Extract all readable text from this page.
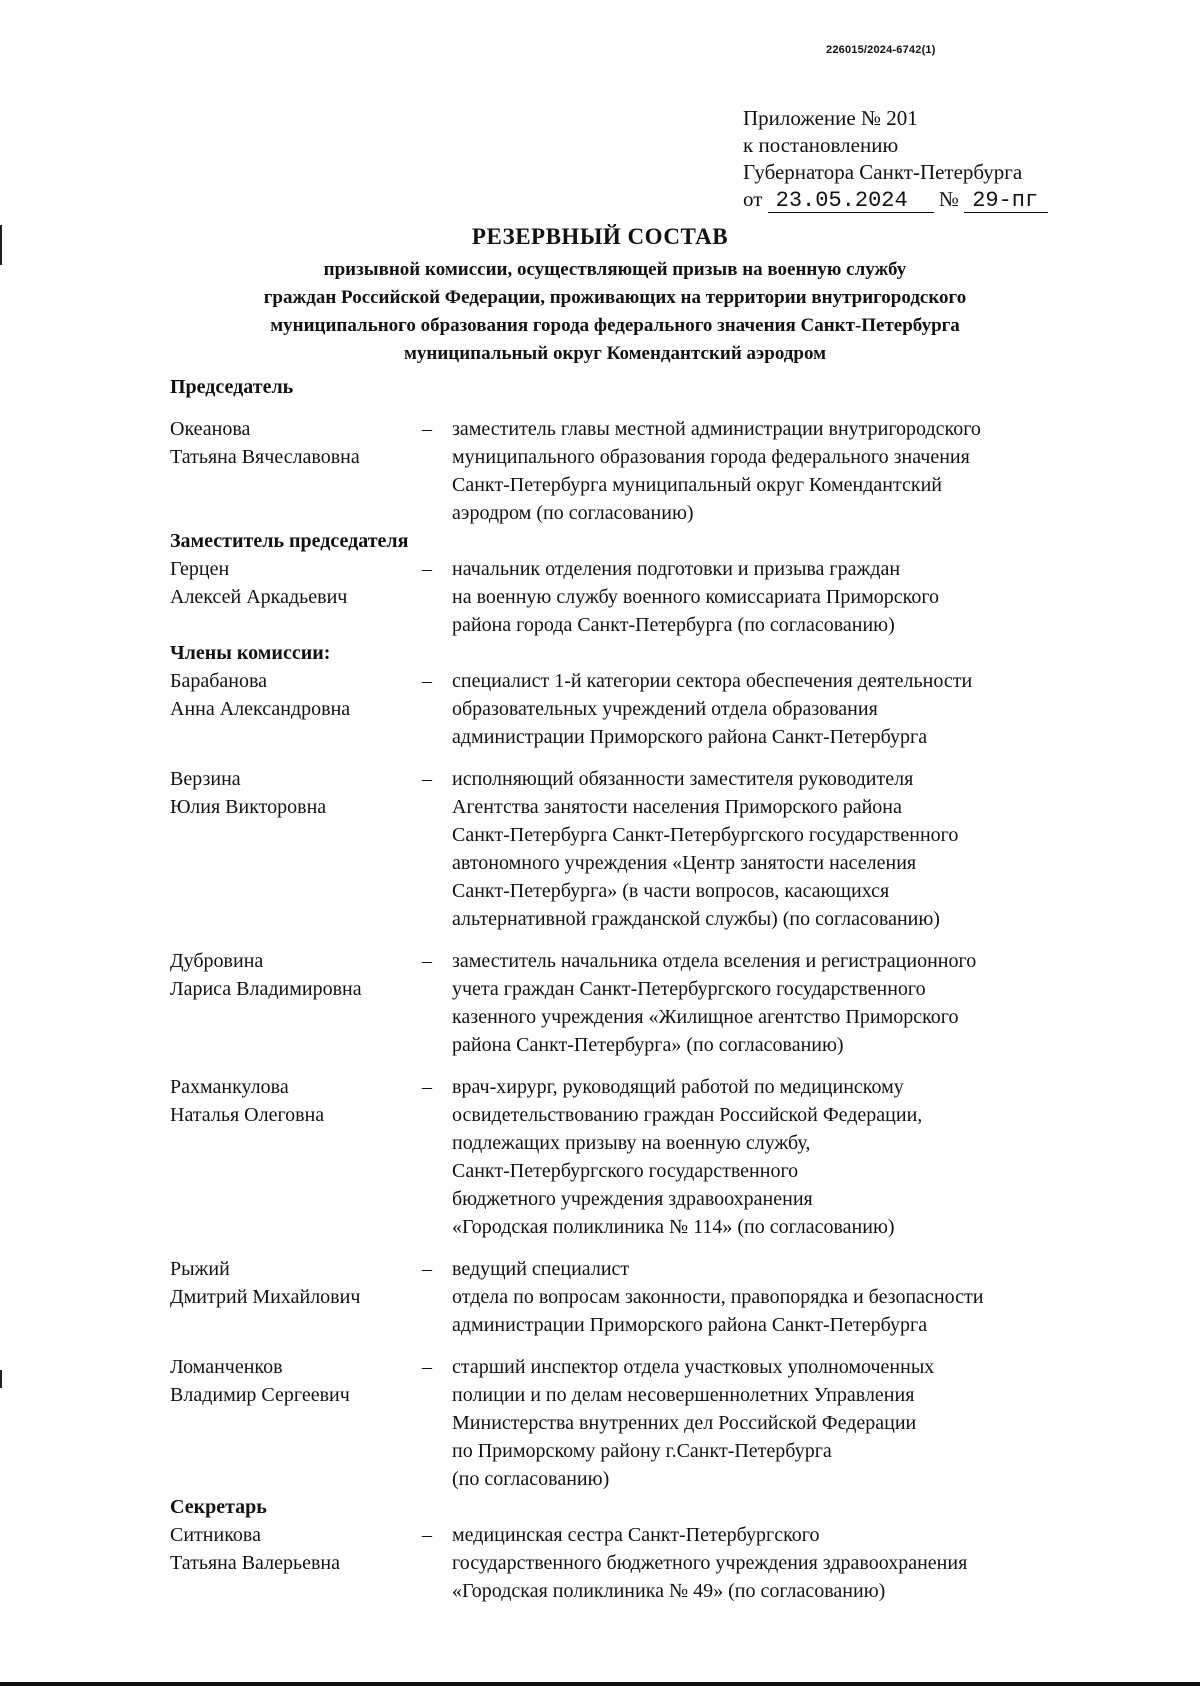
226015/2024-6742(1)
Приложение № 201
к постановлению
Губернатора Санкт-Петербурга
от 23.05.2024 № 29-пг
РЕЗЕРВНЫЙ СОСТАВ
призывной комиссии, осуществляющей призыв на военную службу
граждан Российской Федерации, проживающих на территории внутригородского
муниципального образования города федерального значения Санкт-Петербурга
муниципальный округ Комендантский аэродром
Председатель
Океанова
Татьяна Вячеславовна
–	заместитель главы местной администрации внутригородского
муниципального образования города федерального значения
Санкт-Петербурга муниципальный округ Комендантский
аэродром (по согласованию)
Заместитель председателя
Герцен
Алексей Аркадьевич
–	начальник отделения подготовки и призыва граждан
на военную службу военного комиссариата Приморского
района города Санкт-Петербурга (по согласованию)
Члены комиссии:
Барабанова
Анна Александровна
–	специалист 1-й категории сектора обеспечения деятельности
образовательных учреждений отдела образования
администрации Приморского района Санкт-Петербурга
Верзина
Юлия Викторовна
–	исполняющий обязанности заместителя руководителя
Агентства занятости населения Приморского района
Санкт-Петербурга Санкт-Петербургского государственного
автономного учреждения «Центр занятости населения
Санкт-Петербурга» (в части вопросов, касающихся
альтернативной гражданской службы) (по согласованию)
Дубровина
Лариса Владимировна
–	заместитель начальника отдела вселения и регистрационного
учета граждан Санкт-Петербургского государственного
казенного учреждения «Жилищное агентство Приморского
района Санкт-Петербурга» (по согласованию)
Рахманкулова
Наталья Олеговна
–	врач-хирург, руководящий работой по медицинскому
освидетельствованию граждан Российской Федерации,
подлежащих призыву на военную службу,
Санкт-Петербургского государственного
бюджетного учреждения здравоохранения
«Городская поликлиника № 114» (по согласованию)
Рыжий
Дмитрий Михайлович
–	ведущий специалист
отдела по вопросам законности, правопорядка и безопасности
администрации Приморского района Санкт-Петербурга
Ломанченков
Владимир Сергеевич
–	старший инспектор отдела участковых уполномоченных
полиции и по делам несовершеннолетних Управления
Министерства внутренних дел Российской Федерации
по Приморскому району г.Санкт-Петербурга
(по согласованию)
Секретарь
Ситникова
Татьяна Валерьевна
–	медицинская сестра Санкт-Петербургского
государственного бюджетного учреждения здравоохранения
«Городская поликлиника № 49» (по согласованию)
